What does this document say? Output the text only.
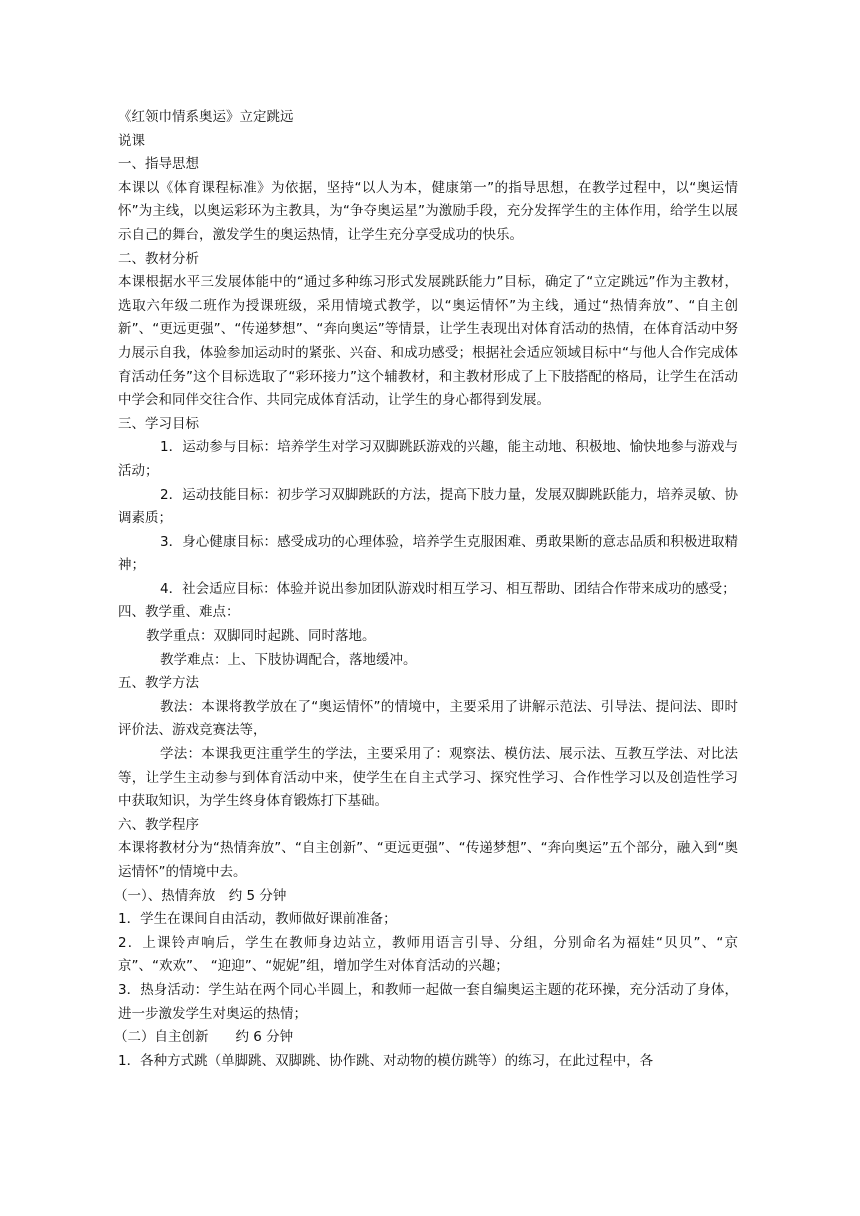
《红领巾情系奥运》立定跳远

说课

一、指导思想

本课以《体育课程标准》为依据，坚持“以人为本，健康第一”的指导思想，在教学过程中，以“奥运情怀”为主线，以奥运彩环为主教具，为“争夺奥运星”为激励手段，充分发挥学生的主体作用，给学生以展示自己的舞台，激发学生的奥运热情，让学生充分享受成功的快乐。

二、教材分析

本课根据水平三发展体能中的“通过多种练习形式发展跳跃能力”目标，确定了“立定跳远”作为主教材，选取六年级二班作为授课班级，采用情境式教学，以“奥运情怀”为主线，通过“热情奔放”、“自主创新”、“更远更强”、“传递梦想”、“奔向奥运”等情景，让学生表现出对体育活动的热情，在体育活动中努力展示自我，体验参加运动时的紧张、兴奋、和成功感受；根据社会适应领域目标中“与他人合作完成体育活动任务”这个目标选取了“彩环接力”这个辅教材，和主教材形成了上下肢搭配的格局，让学生在活动中学会和同伴交往合作、共同完成体育活动，让学生的身心都得到发展。

三、学习目标

1．运动参与目标：培养学生对学习双脚跳跃游戏的兴趣，能主动地、积极地、愉快地参与游戏与活动；

2．运动技能目标：初步学习双脚跳跃的方法，提高下肢力量，发展双脚跳跃能力，培养灵敏、协调素质；

3．身心健康目标：感受成功的心理体验，培养学生克服困难、勇敢果断的意志品质和积极进取精神；

4．社会适应目标：体验并说出参加团队游戏时相互学习、相互帮助、团结合作带来成功的感受；

四、教学重、难点：

教学重点：双脚同时起跳、同时落地。

教学难点：上、下肢协调配合，落地缓冲。

五、教学方法

教法：本课将教学放在了“奥运情怀”的情境中，主要采用了讲解示范法、引导法、提问法、即时评价法、游戏竞赛法等，

学法：本课我更注重学生的学法，主要采用了：观察法、模仿法、展示法、互教互学法、对比法等，让学生主动参与到体育活动中来，使学生在自主式学习、探究性学习、合作性学习以及创造性学习中获取知识，为学生终身体育锻炼打下基础。

六、教学程序

本课将教材分为“热情奔放”、“自主创新”、“更远更强”、“传递梦想”、“奔向奥运”五个部分，融入到“奥运情怀”的情境中去。

（一）、热情奔放　约 5 分钟

1．学生在课间自由活动，教师做好课前准备；

2．上课铃声响后，学生在教师身边站立，教师用语言引导、分组，分别命名为福娃“贝贝”、“京京”、“欢欢”、 “迎迎”、“妮妮”组，增加学生对体育活动的兴趣；

3．热身活动：学生站在两个同心半圆上，和教师一起做一套自编奥运主题的花环操，充分活动了身体，进一步激发学生对奥运的热情；

（二）自主创新　　约 6 分钟

1．各种方式跳（单脚跳、双脚跳、协作跳、对动物的模仿跳等）的练习，在此过程中，各
